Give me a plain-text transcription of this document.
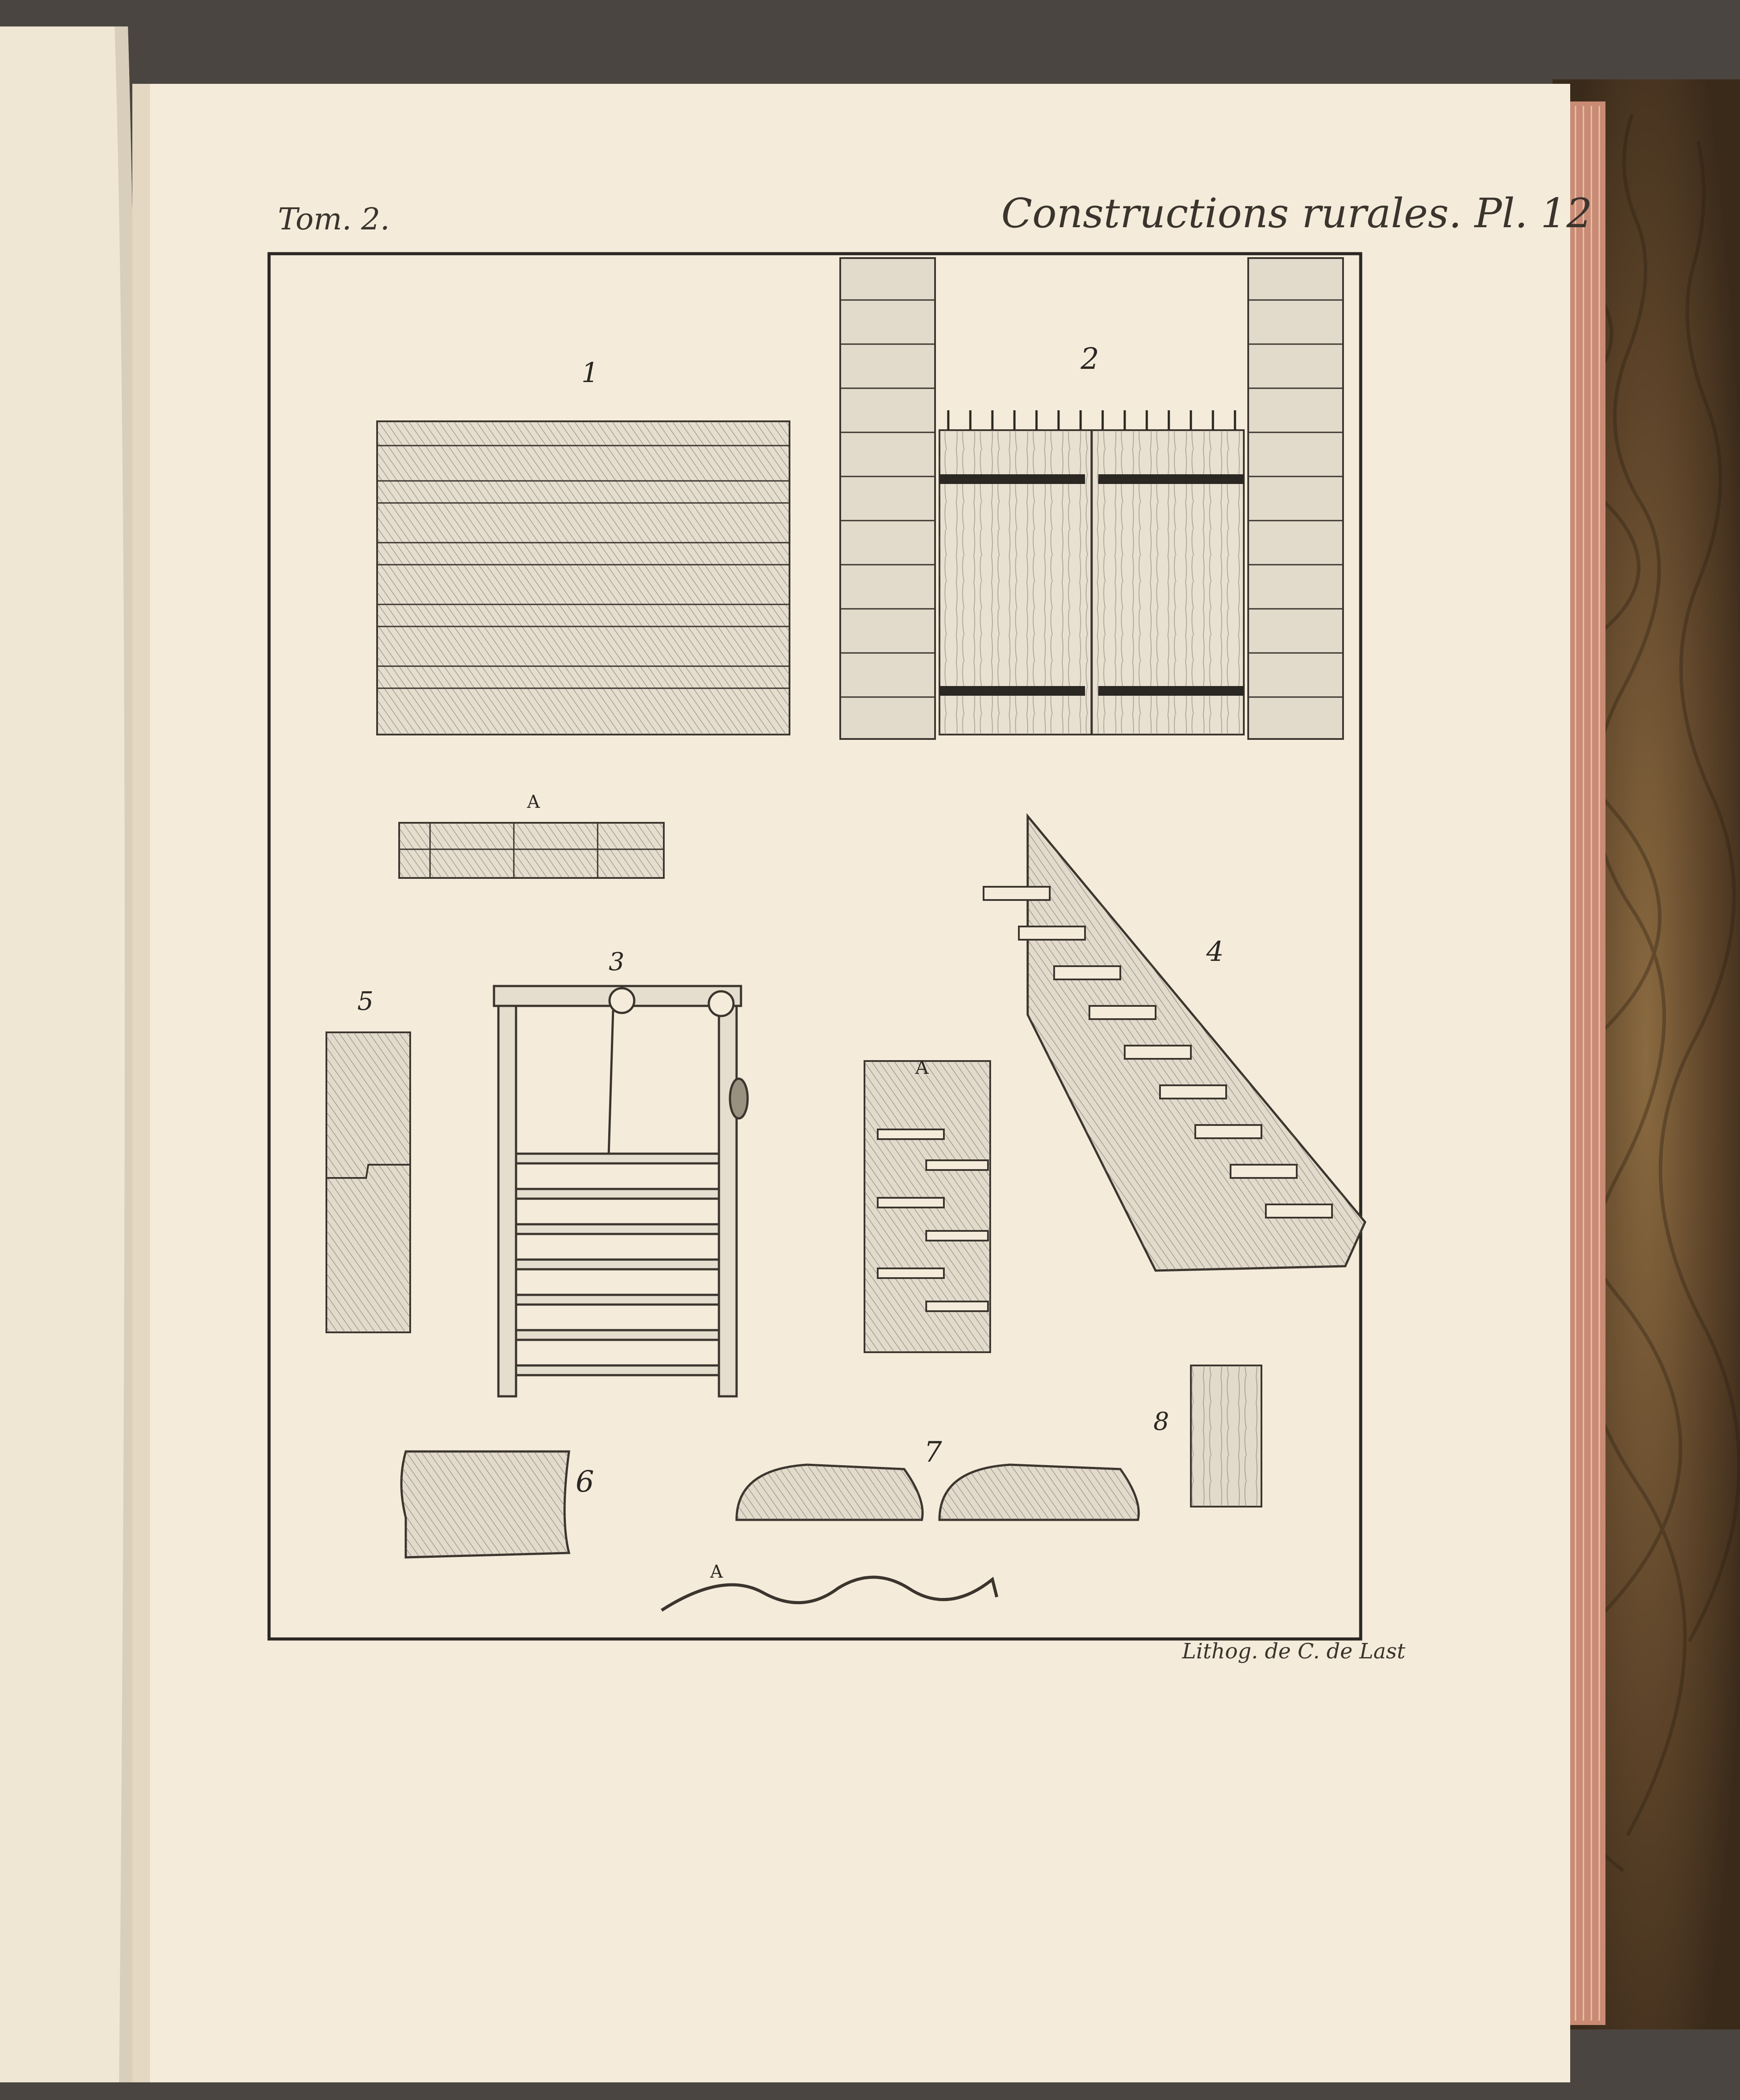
Tom. 2.	Constructions rurales. Pl. 12
Lithog. de C. de Last
1	2
3	4
5
6
7
8
A
A
A
